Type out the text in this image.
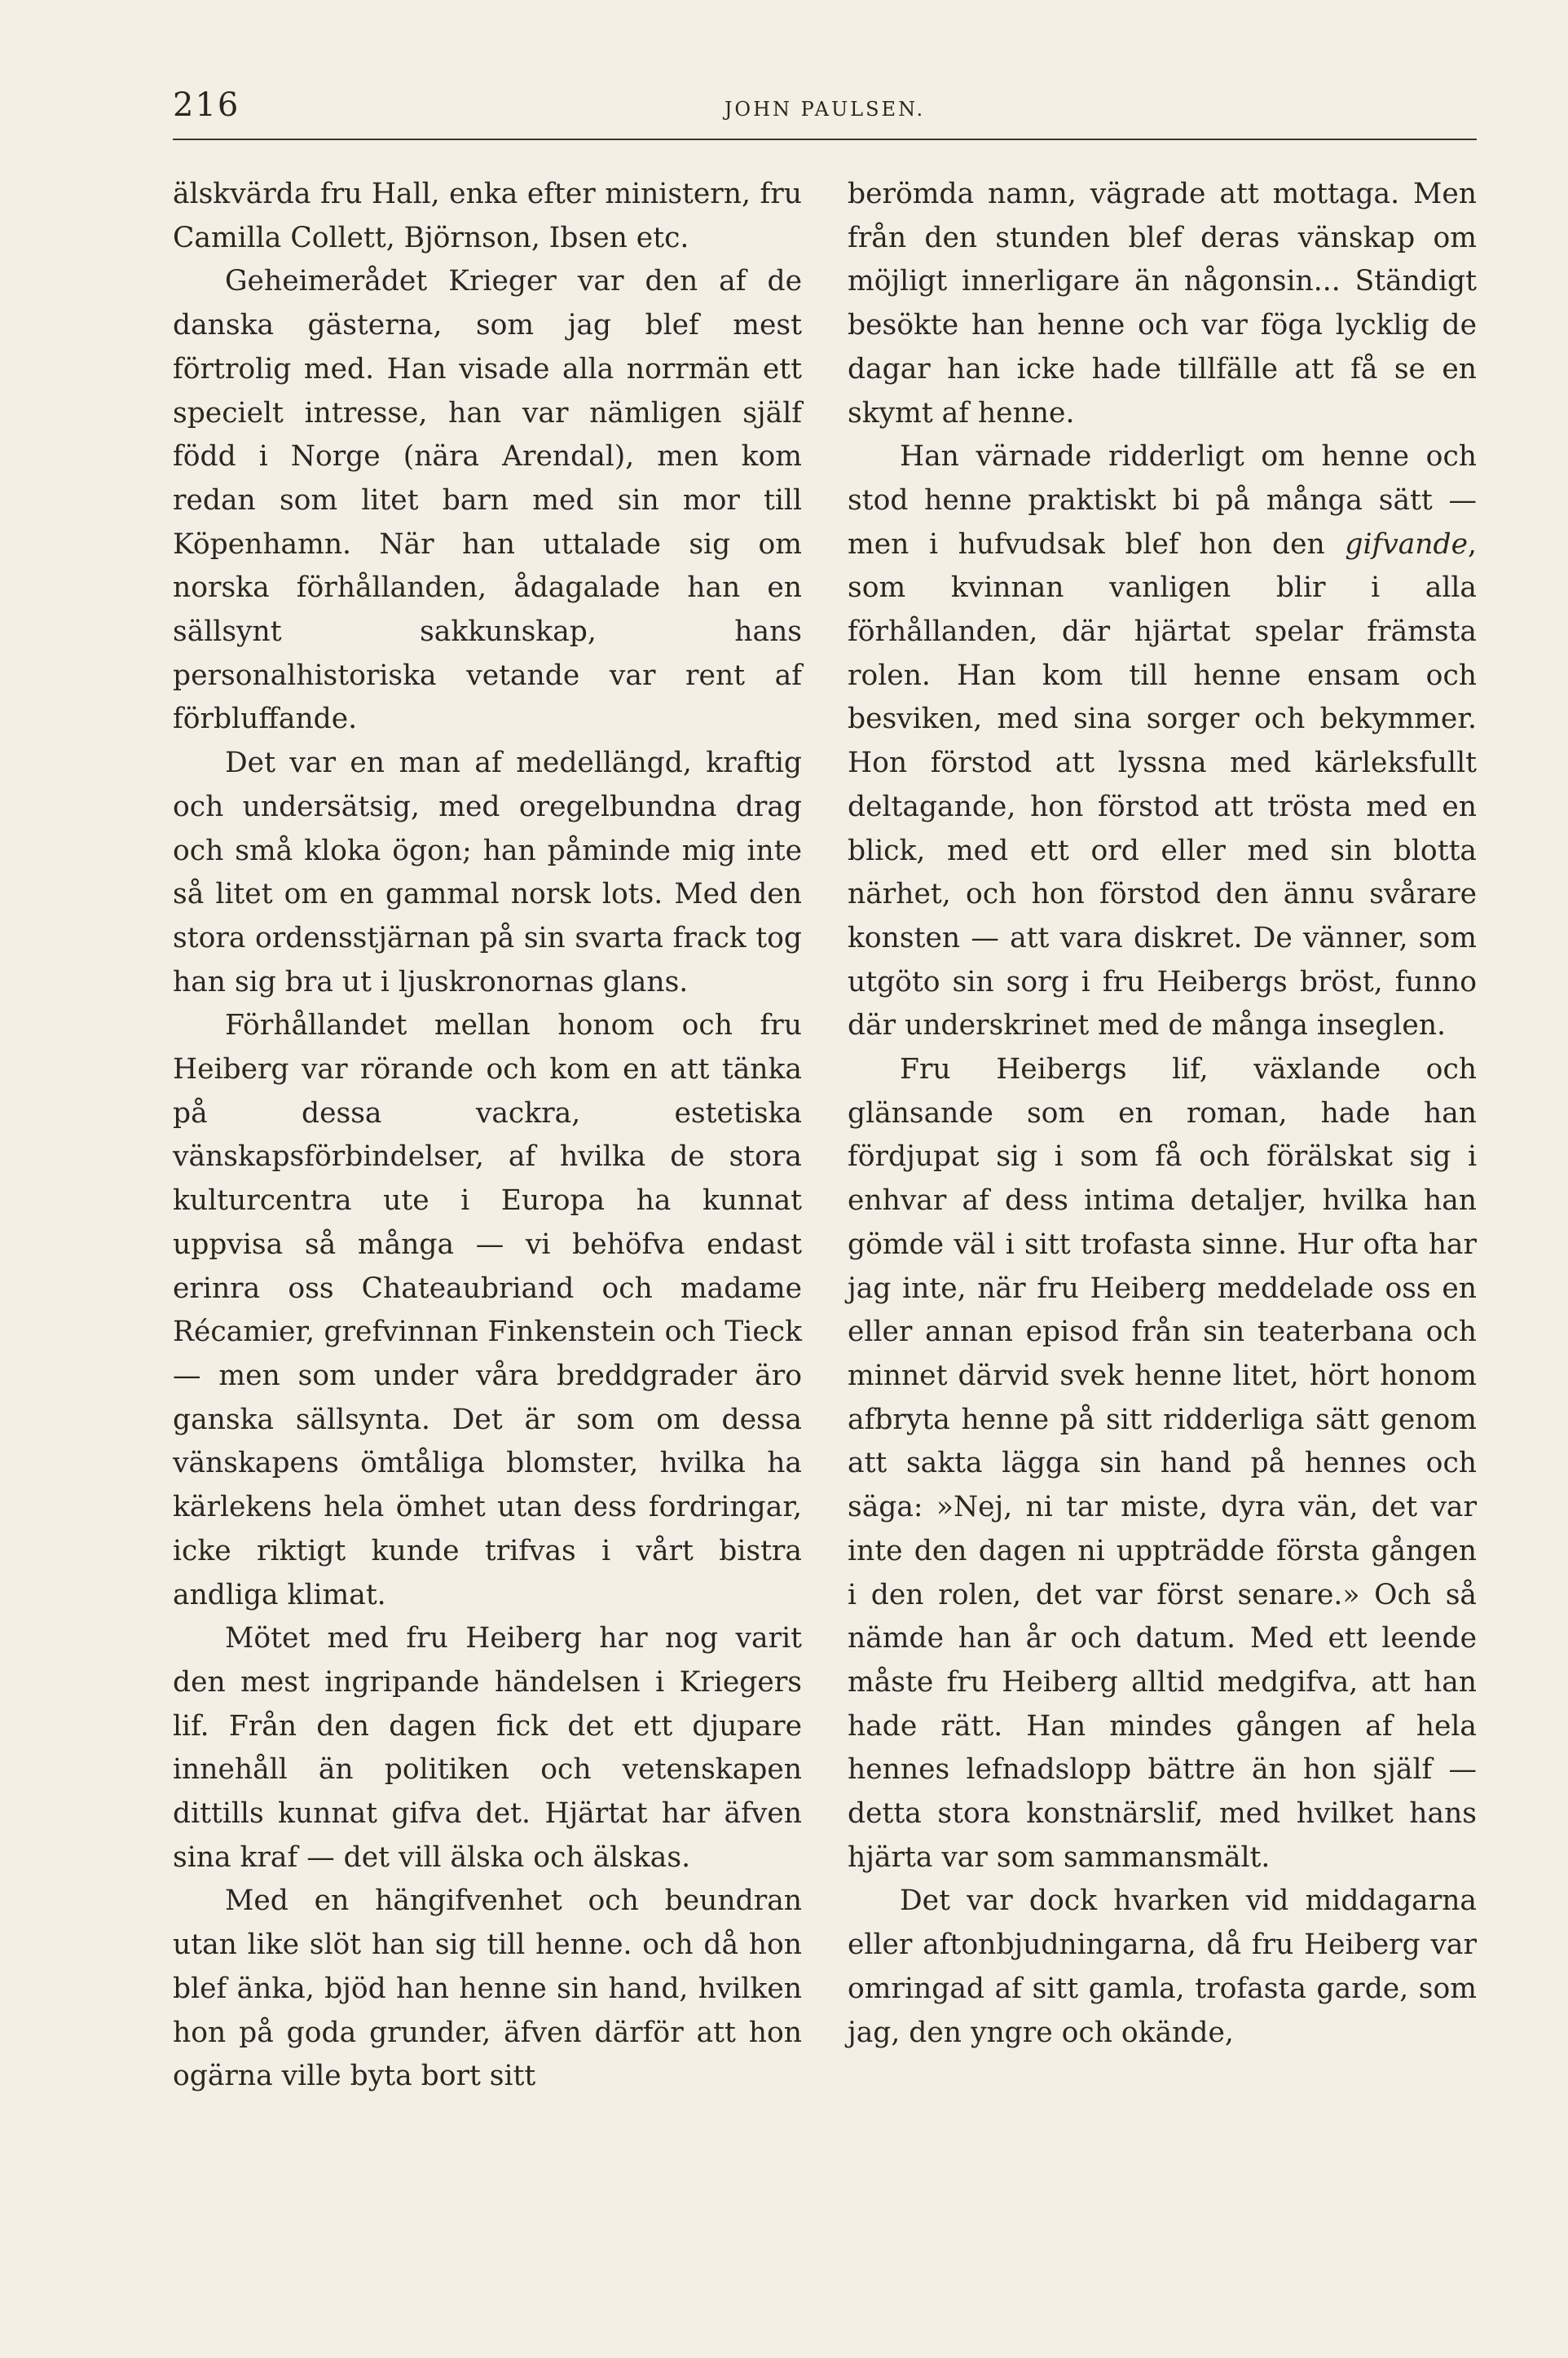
216	JOHN PAULSEN.

älskvärda fru Hall, enka efter ministern, fru Camilla Collett, Björnson, Ibsen etc.

Geheimerådet Krieger var den af de danska gästerna, som jag blef mest förtrolig med. Han visade alla norrmän ett specielt intresse, han var nämligen själf född i Norge (nära Arendal), men kom redan som litet barn med sin mor till Köpenhamn. När han uttalade sig om norska förhållanden, ådagalade han en sällsynt sakkunskap, hans personalhistoriska vetande var rent af förbluffande.

Det var en man af medellängd, kraftig och undersätsig, med oregelbundna drag och små kloka ögon; han påminde mig inte så litet om en gammal norsk lots. Med den stora ordensstjärnan på sin svarta frack tog han sig bra ut i ljuskronornas glans.

Förhållandet mellan honom och fru Heiberg var rörande och kom en att tänka på dessa vackra, estetiska vänskapsförbindelser, af hvilka de stora kulturcentra ute i Europa ha kunnat uppvisa så många — vi behöfva endast erinra oss Chateaubriand och madame Récamier, grefvinnan Finkenstein och Tieck — men som under våra breddgrader äro ganska sällsynta. Det är som om dessa vänskapens ömtåliga blomster, hvilka ha kärlekens hela ömhet utan dess fordringar, icke riktigt kunde trifvas i vårt bistra andliga klimat.

Mötet med fru Heiberg har nog varit den mest ingripande händelsen i Kriegers lif. Från den dagen fick det ett djupare innehåll än politiken och vetenskapen dittills kunnat gifva det. Hjärtat har äfven sina kraf — det vill älska och älskas.

Med en hängifvenhet och beundran utan like slöt han sig till henne. och då hon blef änka, bjöd han henne sin hand, hvilken hon på goda grunder, äfven därför att hon ogärna ville byta bort sitt

berömda namn, vägrade att mottaga. Men från den stunden blef deras vänskap om möjligt innerligare än någonsin... Ständigt besökte han henne och var föga lycklig de dagar han icke hade tillfälle att få se en skymt af henne.

Han värnade ridderligt om henne och stod henne praktiskt bi på många sätt — men i hufvudsak blef hon den gifvande, som kvinnan vanligen blir i alla förhållanden, där hjärtat spelar främsta rolen. Han kom till henne ensam och besviken, med sina sorger och bekymmer. Hon förstod att lyssna med kärleksfullt deltagande, hon förstod att trösta med en blick, med ett ord eller med sin blotta närhet, och hon förstod den ännu svårare konsten — att vara diskret. De vänner, som utgöto sin sorg i fru Heibergs bröst, funno där underskrinet med de många inseglen.

Fru Heibergs lif, växlande och glänsande som en roman, hade han fördjupat sig i som få och förälskat sig i enhvar af dess intima detaljer, hvilka han gömde väl i sitt trofasta sinne. Hur ofta har jag inte, när fru Heiberg meddelade oss en eller annan episod från sin teaterbana och minnet därvid svek henne litet, hört honom afbryta henne på sitt ridderliga sätt genom att sakta lägga sin hand på hennes och säga: »Nej, ni tar miste, dyra vän, det var inte den dagen ni uppträdde första gången i den rolen, det var först senare.» Och så nämde han år och datum. Med ett leende måste fru Heiberg alltid medgifva, att han hade rätt. Han mindes gången af hela hennes lefnadslopp bättre än hon själf — detta stora konstnärslif, med hvilket hans hjärta var som sammansmält.

Det var dock hvarken vid middagarna eller aftonbjudningarna, då fru Heiberg var omringad af sitt gamla, trofasta garde, som jag, den yngre och okände,
